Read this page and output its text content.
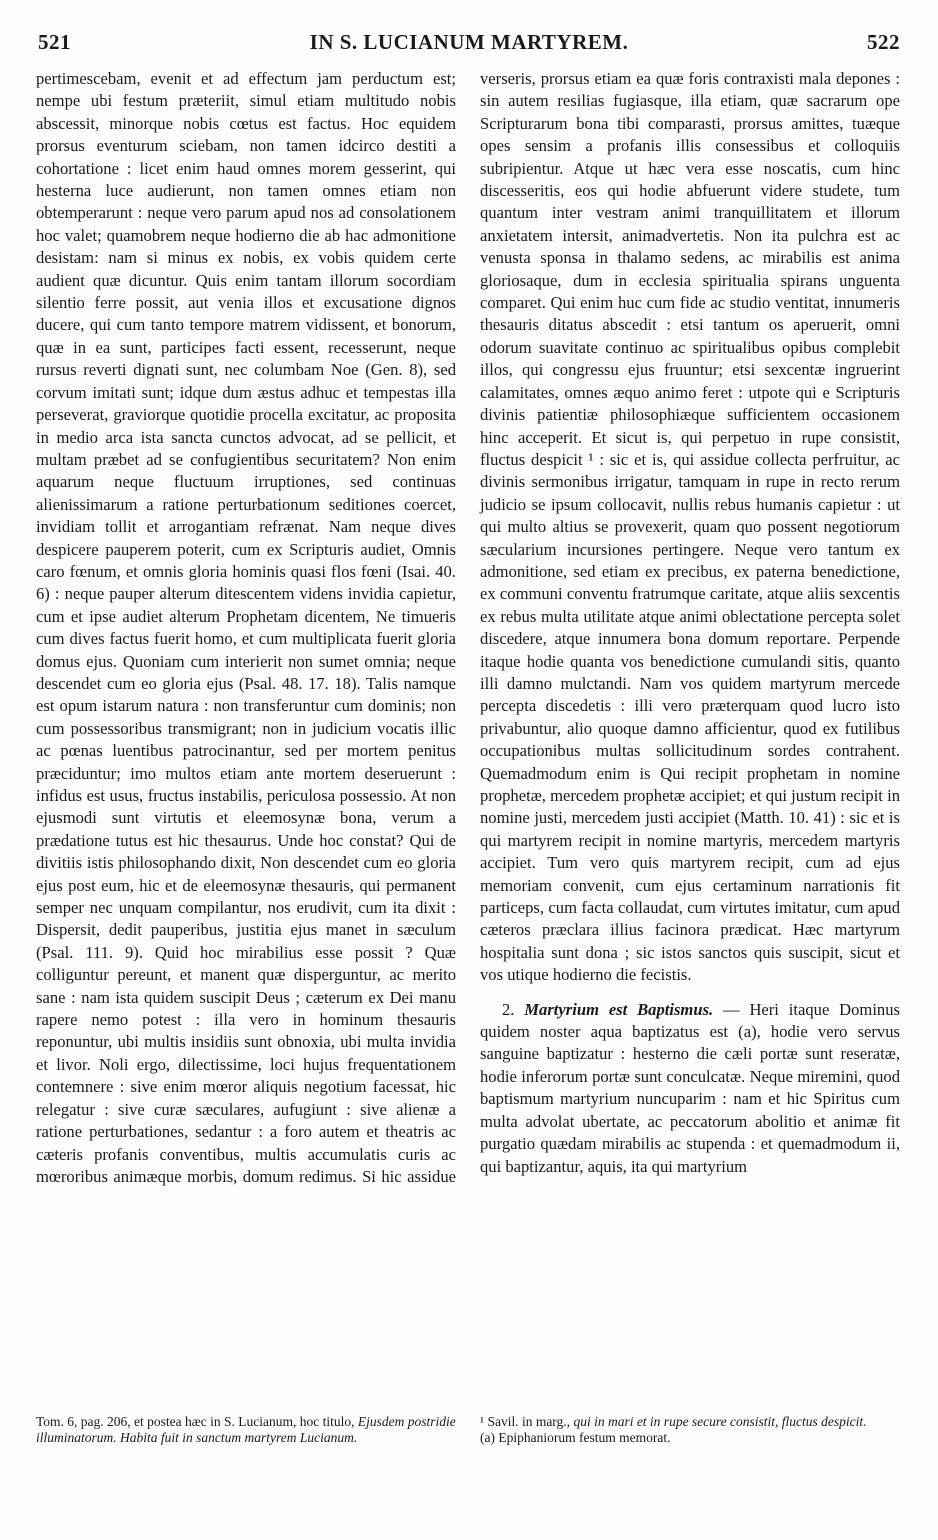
521	IN S. LUCIANUM MARTYREM.	522

pertimescebam, evenit et ad effectum jam perductum est; nempe ubi festum præteriit, simul etiam multitudo nobis abscessit, minorque nobis cœtus est factus. Hoc equidem prorsus eventurum sciebam, non tamen idcirco destiti a cohortatione : licet enim haud omnes morem gesserint, qui hesterna luce audierunt, non tamen omnes etiam non obtemperarunt : neque vero parum apud nos ad consolationem hoc valet; quamobrem neque hodierno die ab hac admonitione desistam: nam si minus ex nobis, ex vobis quidem certe audient quæ dicuntur. Quis enim tantam illorum socordiam silentio ferre possit, aut venia illos et excusatione dignos ducere, qui cum tanto tempore matrem vidissent, et bonorum, quæ in ea sunt, participes facti essent, recesserunt, neque rursus reverti dignati sunt, nec columbam Noe (Gen. 8), sed corvum imitati sunt; idque dum æstus adhuc et tempestas illa perseverat, graviorque quotidie procella excitatur, ac proposita in medio arca ista sancta cunctos advocat, ad se pellicit, et multam præbet ad se confugientibus securitatem? Non enim aquarum neque fluctuum irruptiones, sed continuas alienissimarum a ratione perturbationum seditiones coercet, invidiam tollit et arrogantiam refrænat. Nam neque dives despicere pauperem poterit, cum ex Scripturis audiet, Omnis caro fœnum, et omnis gloria hominis quasi flos fœni (Isai. 40. 6) : neque pauper alterum ditescentem videns invidia capietur, cum et ipse audiet alterum Prophetam dicentem, Ne timueris cum dives factus fuerit homo, et cum multiplicata fuerit gloria domus ejus. Quoniam cum interierit non sumet omnia; neque descendet cum eo gloria ejus (Psal. 48. 17. 18). Talis namque est opum istarum natura : non transferuntur cum dominis; non cum possessoribus transmigrant; non in judicium vocatis illic ac pœnas luentibus patrocinantur, sed per mortem penitus præciduntur; imo multos etiam ante mortem deseruerunt : infidus est usus, fructus instabilis, periculosa possessio. At non ejusmodi sunt virtutis et eleemosynæ bona, verum a prædatione tutus est hic thesaurus. Unde hoc constat? Qui de divitiis istis philosophando dixit, Non descendet cum eo gloria ejus post eum, hic et de eleemosynæ thesauris, qui permanent semper nec unquam compilantur, nos erudivit, cum ita dixit : Dispersit, dedit pauperibus, justitia ejus manet in sæculum (Psal. 111. 9). Quid hoc mirabilius esse possit ? Quæ colliguntur pereunt, et manent quæ disperguntur, ac merito sane : nam ista quidem suscipit Deus ; cæterum ex Dei manu rapere nemo potest : illa vero in hominum thesauris reponuntur, ubi multis insidiis sunt obnoxia, ubi multa invidia et livor. Noli ergo, dilectissime, loci hujus frequentationem contemnere : sive enim mœror aliquis negotium facessat, hic relegatur : sive curæ sæculares, aufugiunt : sive alienæ a ratione perturbationes, sedantur : a foro autem et theatris ac cæteris profanis conventibus, multis accumulatis curis ac mœroribus animæque morbis, domum redimus. Si hic assidue

verseris, prorsus etiam ea quæ foris contraxisti mala depones : sin autem resilias fugiasque, illa etiam, quæ sacrarum ope Scripturarum bona tibi comparasti, prorsus amittes, tuæque opes sensim a profanis illis consessibus et colloquiis subripientur. Atque ut hæc vera esse noscatis, cum hinc discesseritis, eos qui hodie abfuerunt videre studete, tum quantum inter vestram animi tranquillitatem et illorum anxietatem intersit, animadvertetis. Non ita pulchra est ac venusta sponsa in thalamo sedens, ac mirabilis est anima gloriosaque, dum in ecclesia spiritualia spirans unguenta comparet. Qui enim huc cum fide ac studio ventitat, innumeris thesauris ditatus abscedit : etsi tantum os aperuerit, omni odorum suavitate continuo ac spiritualibus opibus complebit illos, qui congressu ejus fruuntur; etsi sexcentæ ingruerint calamitates, omnes æquo animo feret : utpote qui e Scripturis divinis patientiæ philosophiæque sufficientem occasionem hinc acceperit. Et sicut is, qui perpetuo in rupe consistit, fluctus despicit ¹ : sic et is, qui assidue collecta perfruitur, ac divinis sermonibus irrigatur, tamquam in rupe in recto rerum judicio se ipsum collocavit, nullis rebus humanis capietur : ut qui multo altius se provexerit, quam quo possent negotiorum sæcularium incursiones pertingere. Neque vero tantum ex admonitione, sed etiam ex precibus, ex paterna benedictione, ex communi conventu fratrumque caritate, atque aliis sexcentis ex rebus multa utilitate atque animi oblectatione percepta solet discedere, atque innumera bona domum reportare. Perpende itaque hodie quanta vos benedictione cumulandi sitis, quanto illi damno mulctandi. Nam vos quidem martyrum mercede percepta discedetis : illi vero præterquam quod lucro isto privabuntur, alio quoque damno afficientur, quod ex futilibus occupationibus multas sollicitudinum sordes contrahent. Quemadmodum enim is Qui recipit prophetam in nomine prophetæ, mercedem prophetæ accipiet; et qui justum recipit in nomine justi, mercedem justi accipiet (Matth. 10. 41) : sic et is qui martyrem recipit in nomine martyris, mercedem martyris accipiet. Tum vero quis martyrem recipit, cum ad ejus memoriam convenit, cum ejus certaminum narrationis fit particeps, cum facta collaudat, cum virtutes imitatur, cum apud cæteros præclara illius facinora prædicat. Hæc martyrum hospitalia sunt dona ; sic istos sanctos quis suscipit, sicut et vos utique hodierno die fecistis.

2. Martyrium est Baptismus. — Heri itaque Dominus quidem noster aqua baptizatus est (a), hodie vero servus sanguine baptizatur : hesterno die cæli portæ sunt reseratæ, hodie inferorum portæ sunt conculcatæ. Neque miremini, quod baptismum martyrium nuncuparim : nam et hic Spiritus cum multa advolat ubertate, ac peccatorum abolitio et animæ fit purgatio quædam mirabilis ac stupenda : et quemadmodum ii, qui baptizantur, aquis, ita qui martyrium

Tom. 6, pag. 206, et postea hæc in S. Lucianum, hoc titulo, Ejusdem postridie illuminatorum. Habita fuit in sanctum martyrem Lucianum.

¹ Savil. in marg., qui in mari et in rupe secure consistit, fluctus despicit.

(a) Epiphaniorum festum memorat.
